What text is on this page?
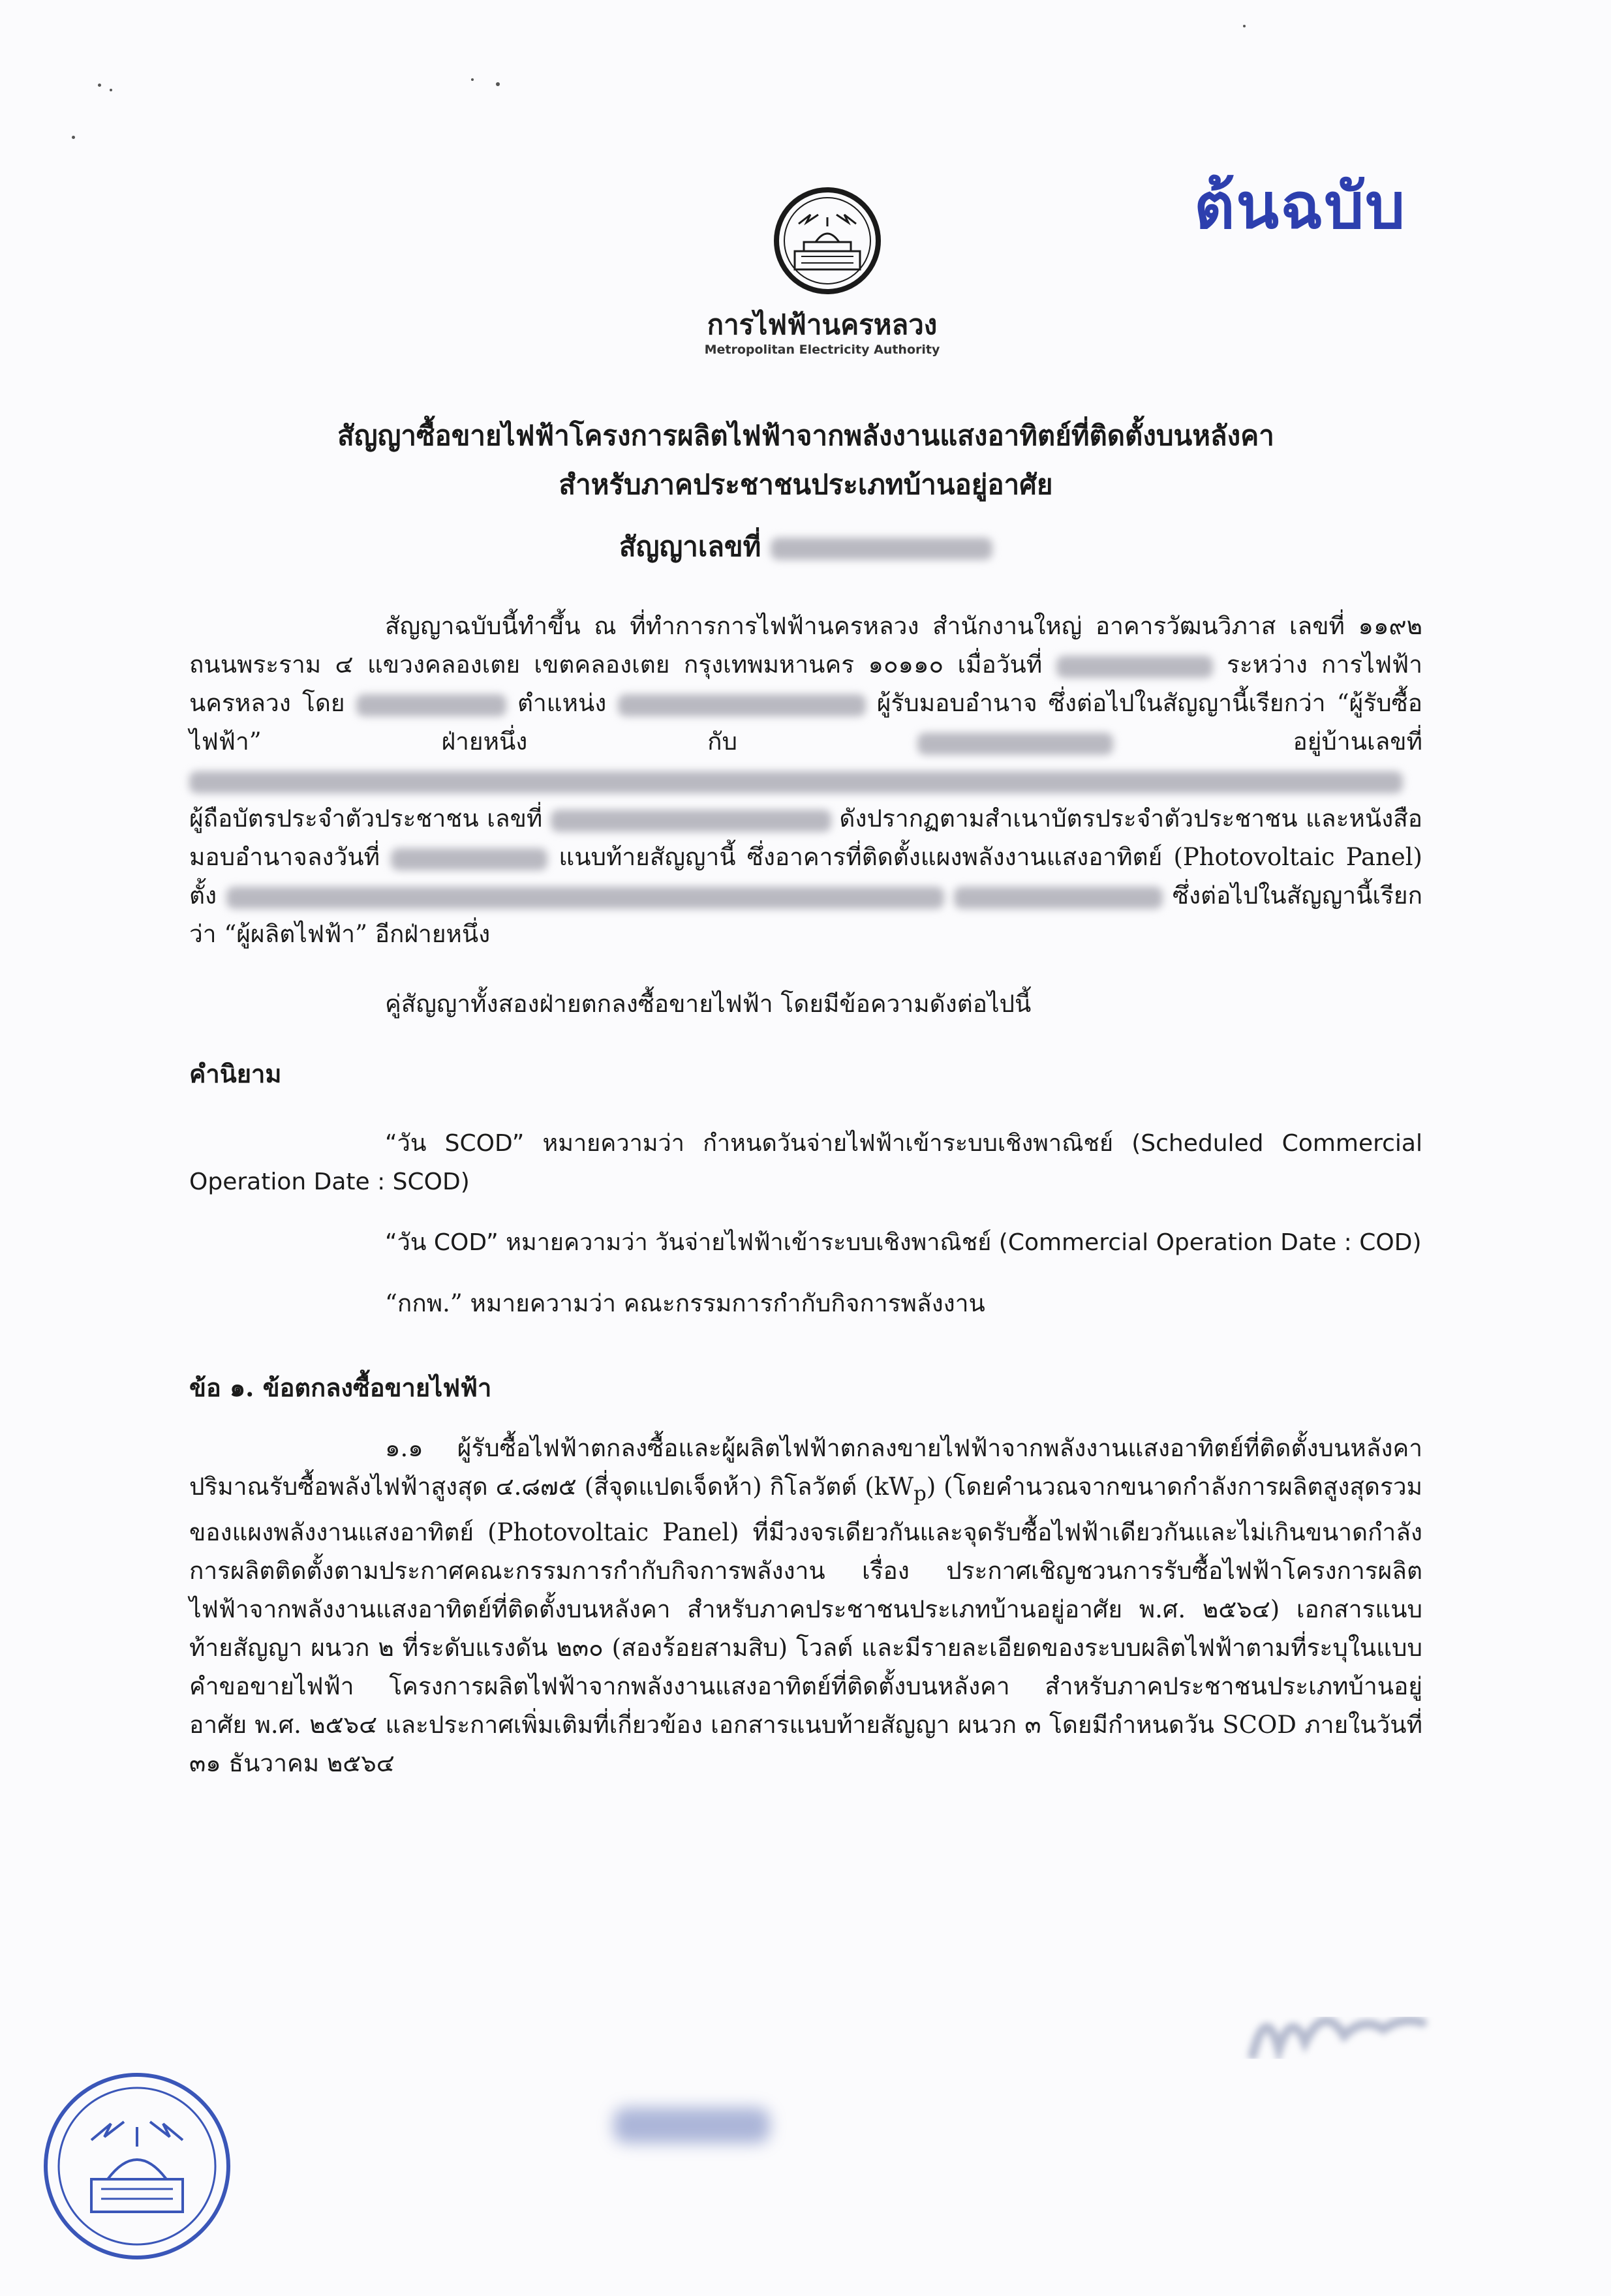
ต้นฉบับ
การไฟฟ้านครหลวง
Metropolitan Electricity Authority
สัญญาซื้อขายไฟฟ้าโครงการผลิตไฟฟ้าจากพลังงานแสงอาทิตย์ที่ติดตั้งบนหลังคา
สำหรับภาคประชาชนประเภทบ้านอยู่อาศัย
สัญญาเลขที่

สัญญาฉบับนี้ทำขึ้น ณ ที่ทำการการไฟฟ้านครหลวง สำนักงานใหญ่ อาคารวัฒนวิภาส เลขที่ ๑๑๙๒ ถนนพระราม ๔ แขวงคลองเตย เขตคลองเตย กรุงเทพมหานคร ๑๐๑๑๐ เมื่อวันที่	ระหว่าง การไฟฟ้านครหลวง โดย	ตำแหน่ง	ผู้รับมอบอำนาจ ซึ่งต่อไปในสัญญานี้เรียกว่า “ผู้รับซื้อไฟฟ้า” ฝ่ายหนึ่ง กับ	อยู่บ้านเลขที่  ผู้ถือบัตรประจำตัวประชาชน เลขที่	ดังปรากฏตามสำเนาบัตรประจำตัวประชาชน และหนังสือมอบอำนาจลงวันที่	แนบท้ายสัญญานี้ ซึ่งอาคารที่ติดตั้งแผงพลังงานแสงอาทิตย์ (Photovoltaic Panel) ตั้ง	ซึ่งต่อไปในสัญญานี้เรียกว่า “ผู้ผลิตไฟฟ้า” อีกฝ่ายหนึ่ง

คู่สัญญาทั้งสองฝ่ายตกลงซื้อขายไฟฟ้า โดยมีข้อความดังต่อไปนี้

คำนิยาม

“วัน SCOD” หมายความว่า กำหนดวันจ่ายไฟฟ้าเข้าระบบเชิงพาณิชย์ (Scheduled Commercial Operation Date : SCOD)

“วัน COD” หมายความว่า วันจ่ายไฟฟ้าเข้าระบบเชิงพาณิชย์ (Commercial Operation Date : COD)

“กกพ.” หมายความว่า คณะกรรมการกำกับกิจการพลังงาน

ข้อ ๑. ข้อตกลงซื้อขายไฟฟ้า

๑.๑ ผู้รับซื้อไฟฟ้าตกลงซื้อและผู้ผลิตไฟฟ้าตกลงขายไฟฟ้าจากพลังงานแสงอาทิตย์ที่ติดตั้งบนหลังคา ปริมาณรับซื้อพลังไฟฟ้าสูงสุด ๔.๘๗๕ (สี่จุดแปดเจ็ดห้า) กิโลวัตต์ $(kW_p)$ (โดยคำนวณจากขนาดกำลังการผลิตสูงสุดรวมของแผงพลังงานแสงอาทิตย์ (Photovoltaic Panel) ที่มีวงจรเดียวกันและจุดรับซื้อไฟฟ้าเดียวกันและไม่เกินขนาดกำลังการผลิตติดตั้งตามประกาศคณะกรรมการกำกับกิจการพลังงาน เรื่อง ประกาศเชิญชวนการรับซื้อไฟฟ้าโครงการผลิตไฟฟ้าจากพลังงานแสงอาทิตย์ที่ติดตั้งบนหลังคา สำหรับภาคประชาชนประเภทบ้านอยู่อาศัย พ.ศ. ๒๕๖๔) เอกสารแนบท้ายสัญญา ผนวก ๒ ที่ระดับแรงดัน ๒๓๐ (สองร้อยสามสิบ) โวลต์ และมีรายละเอียดของระบบผลิตไฟฟ้าตามที่ระบุในแบบคำขอขายไฟฟ้า โครงการผลิตไฟฟ้าจากพลังงานแสงอาทิตย์ที่ติดตั้งบนหลังคา สำหรับภาคประชาชนประเภทบ้านอยู่อาศัย พ.ศ. ๒๕๖๔ และประกาศเพิ่มเติมที่เกี่ยวข้อง เอกสารแนบท้ายสัญญา ผนวก ๓ โดยมีกำหนดวัน SCOD ภายในวันที่ ๓๑ ธันวาคม ๒๕๖๔
